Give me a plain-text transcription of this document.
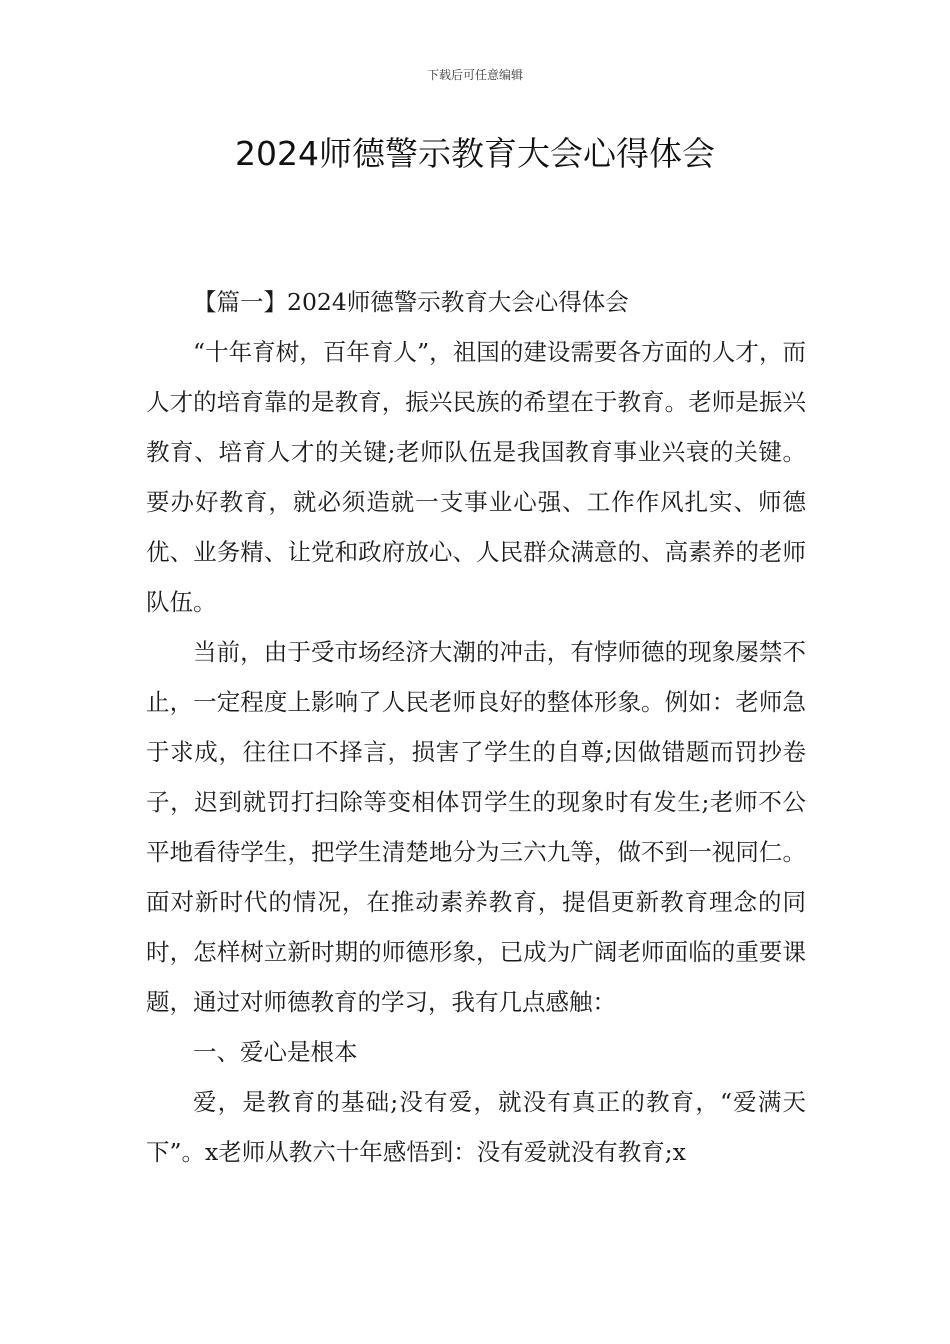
下载后可任意编辑
2024师德警示教育大会心得体会

【篇一】2024师德警示教育大会心得体会

“十年育树，百年育人”，祖国的建设需要各方面的人才，而人才的培育靠的是教育，振兴民族的希望在于教育。老师是振兴教育、培育人才的关键;老师队伍是我国教育事业兴衰的关键。要办好教育，就必须造就一支事业心强、工作作风扎实、师德优、业务精、让党和政府放心、人民群众满意的、高素养的老师队伍。

当前，由于受市场经济大潮的冲击，有悖师德的现象屡禁不止，一定程度上影响了人民老师良好的整体形象。例如：老师急于求成，往往口不择言，损害了学生的自尊;因做错题而罚抄卷子，迟到就罚打扫除等变相体罚学生的现象时有发生;老师不公平地看待学生，把学生清楚地分为三六九等，做不到一视同仁。面对新时代的情况，在推动素养教育，提倡更新教育理念的同时，怎样树立新时期的师德形象，已成为广阔老师面临的重要课题，通过对师德教育的学习，我有几点感触：

一、爱心是根本

爱，是教育的基础;没有爱，就没有真正的教育，“爱满天下”。x老师从教六十年感悟到：没有爱就没有教育;x
